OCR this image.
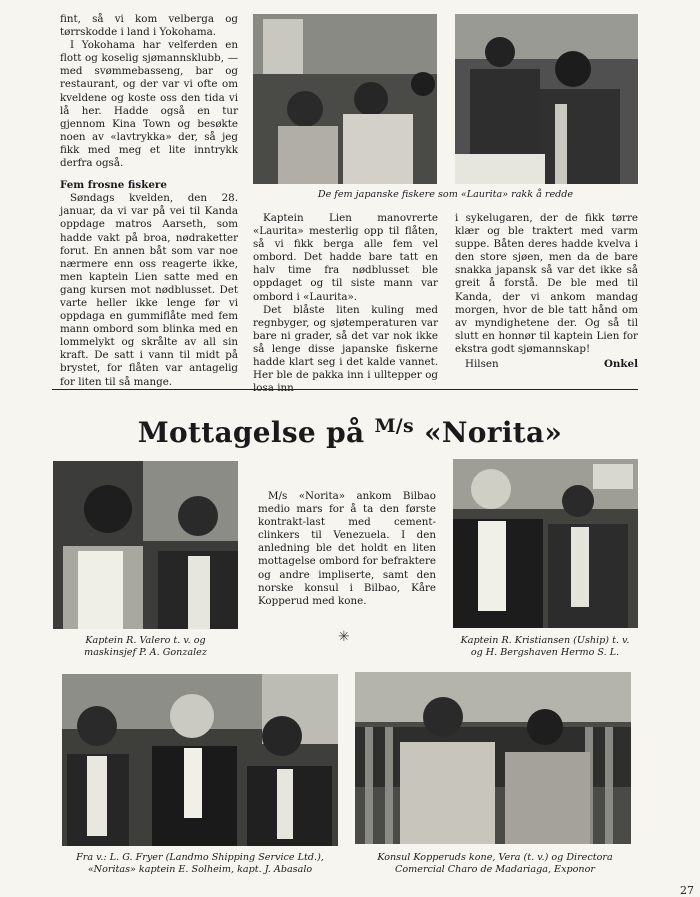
fint, så vi kom velberga og tørrskodde i land i Yokohama.

I Yokohama har velferden en flott og koselig sjømannsklubb, — med svømmebasseng, bar og restaurant, og der var vi ofte om kveldene og koste oss den tida vi lå her. Hadde også en tur gjennom Kina Town og besøkte noen av «lavtrykka» der, så jeg fikk med meg et lite inntrykk derfra også.

Fem frosne fiskere

Søndags kvelden, den 28. januar, da vi var på vei til Kanda oppdage matros Aarseth, som hadde vakt på broa, nødraketter forut. En annen båt som var noe nærmere enn oss reagerte ikke, men kaptein Lien satte med en gang kursen mot nødblusset. Det varte heller ikke lenge før vi oppdaga en gummiflåte med fem mann ombord som blinka med en lommelykt og skrålte av all sin kraft. De satt i vann til midt på brystet, for flåten var antagelig for liten til så mange.

De fem japanske fiskere som «Laurita» rakk å redde

Kaptein Lien manovrerte «Laurita» mesterlig opp til flåten, så vi fikk berga alle fem vel ombord. Det hadde bare tatt en halv time fra nødblusset ble oppdaget og til siste mann var ombord i «Laurita».

Det blåste liten kuling med regnbyger, og sjøtemperaturen var bare ni grader, så det var nok ikke så lenge disse japanske fiskerne hadde klart seg i det kalde vannet. Her ble de pakka inn i ulltepper og losa inn

i sykelugaren, der de fikk tørre klær og ble traktert med varm suppe. Båten deres hadde kvelva i den store sjøen, men da de bare snakka japansk så var det ikke så greit å forstå. De ble med til Kanda, der vi ankom mandag morgen, hvor de ble tatt hånd om av myndighetene der. Og så til slutt en honnør til kaptein Lien for ekstra godt sjømannskap!

Hilsen	Onkel
Mottagelse på $^{M/s}$ «Norita»
Kaptein R. Valero t. v. og
maskinsjef P. A. Gonzalez

M/s «Norita» ankom Bilbao medio mars for å ta den første kontrakt-last med cement-clinkers til Venezuela. I den anledning ble det holdt en liten mottagelse ombord for befraktere og andre impliserte, samt den norske konsul i Bilbao, Kåre Kopperud med kone.

✳	Kaptein R. Kristiansen (Uship) t. v.
og H. Bergshaven Hermo S. L.
Fra v.: L. G. Fryer (Landmo Shipping Service Ltd.),
«Noritas» kaptein E. Solheim, kapt. J. Abasalo
Konsul Kopperuds kone, Vera (t. v.) og Directora
Comercial Charo de Madariaga, Exponor
27
